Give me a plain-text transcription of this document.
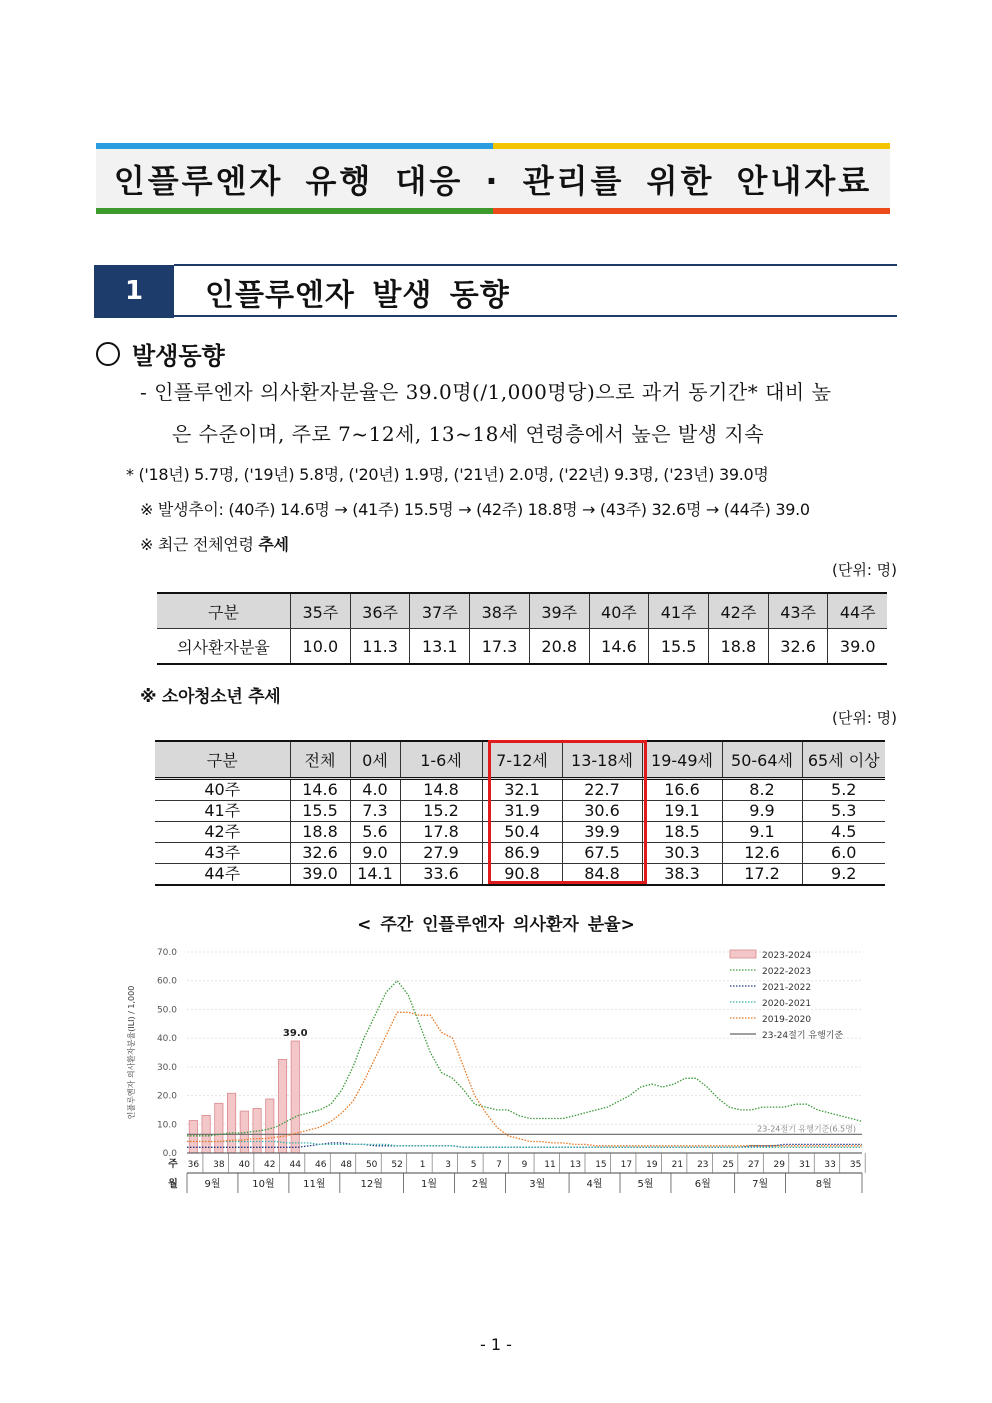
인플루엔자 유행 대응 · 관리를 위한 안내자료
1	인플루엔자 발생 동향
발생동향
- 인플루엔자 의사환자분율은 39.0명(/1,000명당)으로 과거 동기간* 대비 높
은 수준이며, 주로 7~12세, 13~18세 연령층에서 높은 발생 지속
* ('18년) 5.7명, ('19년) 5.8명, ('20년) 1.9명, ('21년) 2.0명, ('22년) 9.3명, ('23년) 39.0명
※ 발생추이: (40주) 14.6명 → (41주) 15.5명 → (42주) 18.8명 → (43주) 32.6명 → (44주) 39.0
※ 최근 전체연령 추세
(단위: 명)
구분	35주	36주	37주	38주	39주	40주	41주	42주	43주	44주
의사환자분율	10.0	11.3	13.1	17.3	20.8	14.6	15.5	18.8	32.6	39.0
※ 소아청소년 추세
(단위: 명)
구분	전체	0세	1-6세	7-12세	13-18세	19-49세	50-64세	65세 이상
40주	14.6	4.0	14.8	32.1	22.7	16.6	8.2	5.2
41주	15.5	7.3	15.2	31.9	30.6	19.1	9.9	5.3
42주	18.8	5.6	17.8	50.4	39.9	18.5	9.1	4.5
43주	32.6	9.0	27.9	86.9	67.5	30.3	12.6	6.0
44주	39.0	14.1	33.6	90.8	84.8	38.3	17.2	9.2
< 주간 인플루엔자 의사환자 분율>
0.0
10.0
20.0
30.0
40.0
50.0
60.0
70.0
인플루엔자 의사환자분율(ILI) / 1,000	39.0
23-24절기 유행기준(6.5명)
주
월
36 38 40 42 44 46 48 50 52 1 3 5 7 9 11 13 15 17 19 21 23 25 27 29 31 33 35
9월	10월	11월	12월	1월	2월	3월	4월	5월	6월	7월	8월
2023-2024
2022-2023
2021-2022
2020-2021
2019-2020
23-24절기 유행기준
- 1 -
